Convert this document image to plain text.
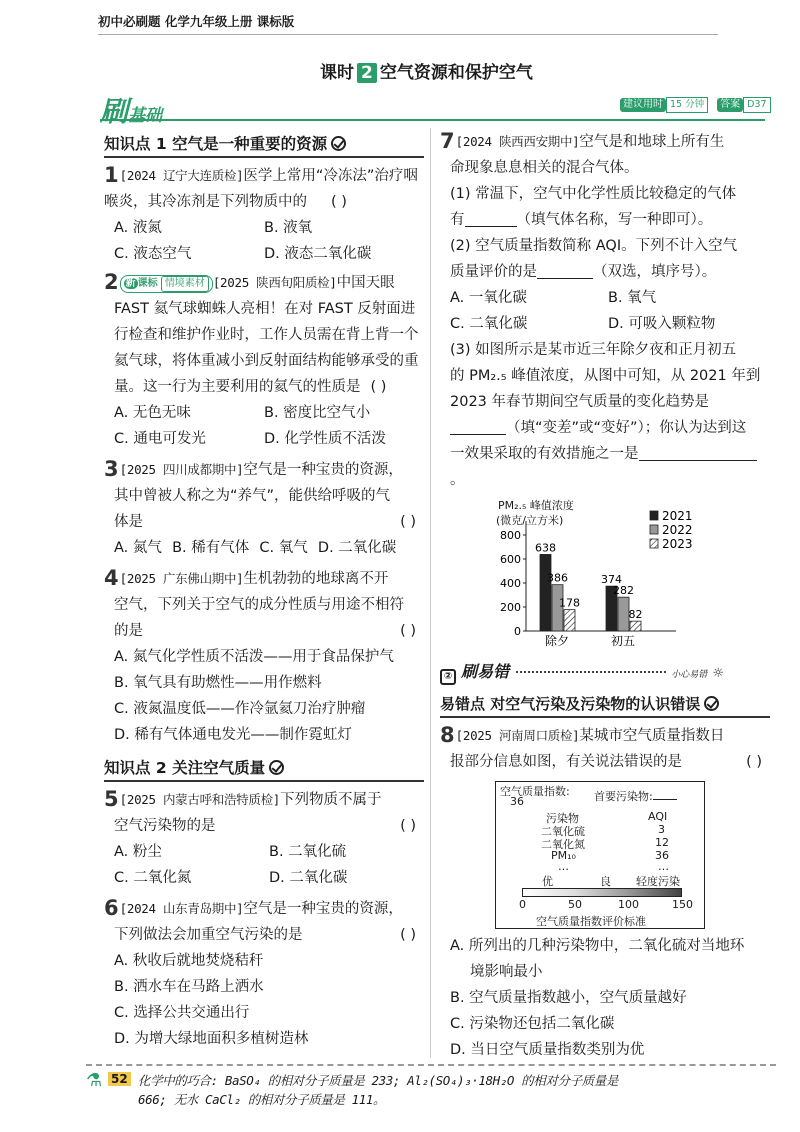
初中必刷题 化学九年级上册 课标版
课时 2 空气资源和保护空气
刷基础
建议用时 15 分钟 答案 D37
知识点 1 空气是一种重要的资源
1[2024 辽宁大连质检]医学上常用“冷冻法”治疗咽喉炎，其冷冻剂是下列物质中的 ( )
A. 液氮	B. 液氧
C. 液态空气	D. 液态二氧化碳
2 新 课标 情境素材 [2025 陕西旬阳质检]中国天眼
FAST 氦气球蜘蛛人亮相！在对 FAST 反射面进
行检查和维护作业时，工作人员需在背上背一个
氦气球，将体重减小到反射面结构能够承受的重
量。这一行为主要利用的氦气的性质是 ( )
A. 无色无味	B. 密度比空气小
C. 通电可发光	D. 化学性质不活泼
3[2025 四川成都期中]空气是一种宝贵的资源，
其中曾被人称之为“养气”，能供给呼吸的气
体是	( )
A. 氮气 B. 稀有气体 C. 氧气 D. 二氧化碳
4[2025 广东佛山期中]生机勃勃的地球离不开
空气，下列关于空气的成分性质与用途不相符
的是	( )
A. 氮气化学性质不活泼——用于食品保护气
B. 氧气具有助燃性——用作燃料
C. 液氮温度低——作冷氩氦刀治疗肿瘤
D. 稀有气体通电发光——制作霓虹灯
知识点 2 关注空气质量
5[2025 内蒙古呼和浩特质检]下列物质不属于
空气污染物的是	( )
A. 粉尘	B. 二氧化硫
C. 二氧化氮	D. 二氧化碳
6[2024 山东青岛期中]空气是一种宝贵的资源，
下列做法会加重空气污染的是	( )
A. 秋收后就地焚烧秸秆
B. 洒水车在马路上洒水
C. 选择公共交通出行
D. 为增大绿地面积多植树造林
7[2024 陕西西安期中]空气是和地球上所有生
命现象息息相关的混合气体。
(1) 常温下，空气中化学性质比较稳定的气体
有	（填气体名称，写一种即可）。
(2) 空气质量指数简称 AQI。下列不计入空气
质量评价的是	（双选，填序号）。
A. 一氧化碳	B. 氧气
C. 二氧化碳	D. 可吸入颗粒物
(3) 如图所示是某市近三年除夕夜和正月初五
的 PM₂.₅ 峰值浓度，从图中可知，从 2021 年到
2023 年春节期间空气质量的变化趋势是
（填“变差”或“变好”）；你认为达到这
一效果采取的有效措施之一是。
PM₂.₅ 峰值浓度
(微克/立方米)
0
200
400
600
800
638
386
178
除夕
374
282
82
初五
2021
2022
2023
② 刷易错	小心易错 ☼
易错点 对空气污染及污染物的认识错误
8[2025 河南周口质检]某城市空气质量指数日
报部分信息如图，有关说法错误的是	( )
空气质量指数:
36	首要污染物:
污染物	AQI
二氧化硫	3
二氧化氮	12
PM₁₀	36
…	…
优	良 轻度污染
0	50	100	150
空气质量指数评价标准
A. 所列出的几种污染物中，二氧化硫对当地环
境影响最小
B. 空气质量指数越小，空气质量越好
C. 污染物还包括二氧化碳
D. 当日空气质量指数类别为优
⚗ 52 化学中的巧合: BaSO₄ 的相对分子质量是 233; Al₂(SO₄)₃·18H₂O 的相对分子质量是
666; 无水 CaCl₂ 的相对分子质量是 111。
